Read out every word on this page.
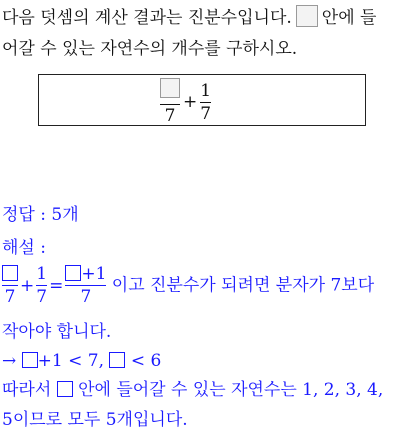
다음 덧셈의 계산 결과는 진분수입니다. 안에 들
어갈 수 있는 자연수의 개수를 구하시오.
7
+ $\frac{1}{7}$
정답 : 5개
해설 :
7
+ $\frac{1}{7} = \frac{+1}{7}$ 이고 진분수가 되려면 분자가 7보다
작아야 합니다.
→ +1 < 7, < 6
따라서 안에 들어갈 수 있는 자연수는 1, 2, 3, 4,
5이므로 모두 5개입니다.
